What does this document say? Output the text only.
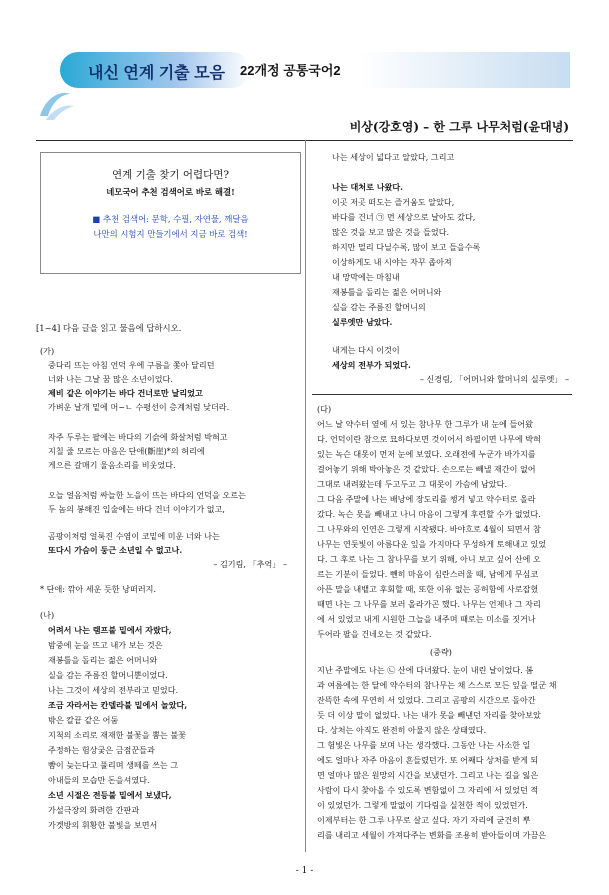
내신 연계 기출 모음 22개정 공통국어2
비상(강호영) – 한 그루 나무처럼(윤대녕)
연계 기출 찾기 어렵다면?
네모국어 추천 검색어로 바로 해결!
■ 추천 검색어: 문학, 수필, 자연물, 깨달음
나만의 시험지 만들기에서 지금 바로 검색!
[1~4] 다음 글을 읽고 물음에 답하시오.
(가)
중다리 뜨는 아침 언덕 우에 구름을 쫓아 달리던
너와 나는 그날 꿈 많은 소년이었다.
제비 같은 이야기는 바다 건너로만 날리었고
가벼운 날개 밑에 머~ㄴ 수평선이 층계처럼 낮더라.
자주 두루는 팔에는 바다의 기슭에 화살처럼 박혀고
지칠 줄 모르는 마음은 단애(斷崖)*의 허리에
게으른 갈매기 울음소리를 비웃었다.
오늘 얼음처럼 싸늘한 노을이 뜨는 바다의 언덕을 오르는
두 놈의 봉해진 입술에는 바다 건너 이야기가 없고,
곰팡이처럼 얼룩진 수염이 코밑에 미운 너와 나는
또다시 가슴이 둥근 소년일 수 없고나.
– 김기림, 「추억」 –
* 단애: 깎아 세운 듯한 낭떠러지.
(나)
어려서 나는 램프불 밑에서 자랐다,
밤중에 눈을 뜨고 내가 보는 것은
재봉틀을 돌리는 젊은 어머니와
실을 감는 주름진 할머니뿐이었다.
나는 그것이 세상의 전부라고 믿었다.
조금 자라서는 칸델라불 밑에서 놀았다,
밖은 칼끝 같은 어둠
지척의 소리로 재재한 불꽃을 뿜는 불꽃
주정하는 험상궂은 금점꾼들과
뺨이 늦는다고 풀리며 생떼를 쓰는 그
아내들의 모습만 돈을셔였다.
소년 시절은 전등불 밑에서 보냈다,
가설극장의 화려한 간판과
가겟방의 휘황한 불빛을 보면서
나는 세상이 넓다고 알았다, 그리고
나는 대처로 나왔다.
이곳 저곳 떠도는 즐거움도 알았다,
바다를 건너 ㉠ 먼 세상으로 날아도 갔다,
많은 것을 보고 많은 것을 들었다.
하지만 멀리 다닐수록, 많이 보고 들을수록
이상하게도 내 시야는 자꾸 좁아져
내 망막에는 마침내
재봉틀을 돌리는 젊은 어머니와
실을 감는 주름진 할머니의
실루엣만 남았다.
내게는 다시 이것이
세상의 전부가 되었다.
– 신경림, 「어머니와 할머니의 실루엣」 –
(다)
어느 날 약수터 옆에 서 있는 참나무 한 그루가 내 눈에 들어왔
다. 언덕이란 참으로 묘하다보면 것이어서 하필이면 나무에 박혀
있는 녹슨 대못이 먼저 눈에 보였다. 오래전에 누군가 바가지를
걸어놓기 위해 박아놓은 것 같았다. 손으로는 빼낼 재간이 없어
그대로 내려왔는데 두고두고 그 대못이 가슴에 남았다.
그 다음 주말에 나는 배낭에 장도리를 챙겨 넣고 약수터로 올라
갔다. 녹슨 못을 빼내고 나니 마음이 그렇게 후련할 수가 없었다.
그 나무와의 인연은 그렇게 시작됐다. 바야흐로 4월이 되면서 참
나무는 연둣빛이 아름다운 잎을 가지마다 무성하게 토해내고 있었
다. 그 후로 나는 그 참나무를 보기 위해, 아니 보고 싶어 산에 오
르는 기분이 들었다. 뺀히 마음이 심란스러울 때, 남에게 무심코
아픈 말을 내뱉고 후회할 때, 또한 이유 없는 공허함에 사로잡혔
때면 나는 그 나무를 보러 올라가곤 했다. 나무는 언제나 그 자리
에 서 있었고 내게 시원한 그늘을 내주며 때로는 미소를 짓거나
두어라 팔을 건네오는 것 같았다.
(중략)
지난 주말에도 나는 ㉡ 산에 다녀왔다. 눈이 내린 날이었다. 봄
과 여름에는 한 달에 약수터의 참나무는 채 스스로 모든 잎을 떨군 채
잔뜩한 속에 무연히 서 있었다. 그리고 곰팡의 시간으로 돌아간
듯 더 이상 말이 없었다. 나는 내가 못을 빼낸던 자리를 찾아보았
다. 상처는 아직도 완전히 아물지 않은 상태였다.
그 험빛은 나무를 보며 나는 생각했다. 그동안 나는 사소한 일
에도 얼마나 자주 마음이 흔들렸던가. 또 어째다 상처를 받게 되
면 얼마나 많은 원망의 시간을 보냈던가. 그리고 나는 길을 잃은
사람이 다시 찾아올 수 있도록 변함없이 그 자리에 서 있었던 적
이 있었던가. 그렇게 말없이 기다림을 실천한 적이 있었던가.
이제부터는 한 그루 나무로 살고 싶다. 자기 자리에 굳건히 뿌
리를 내리고 세월이 가져다주는 변화를 조용히 받아들이며 가끔은
- 1 -
